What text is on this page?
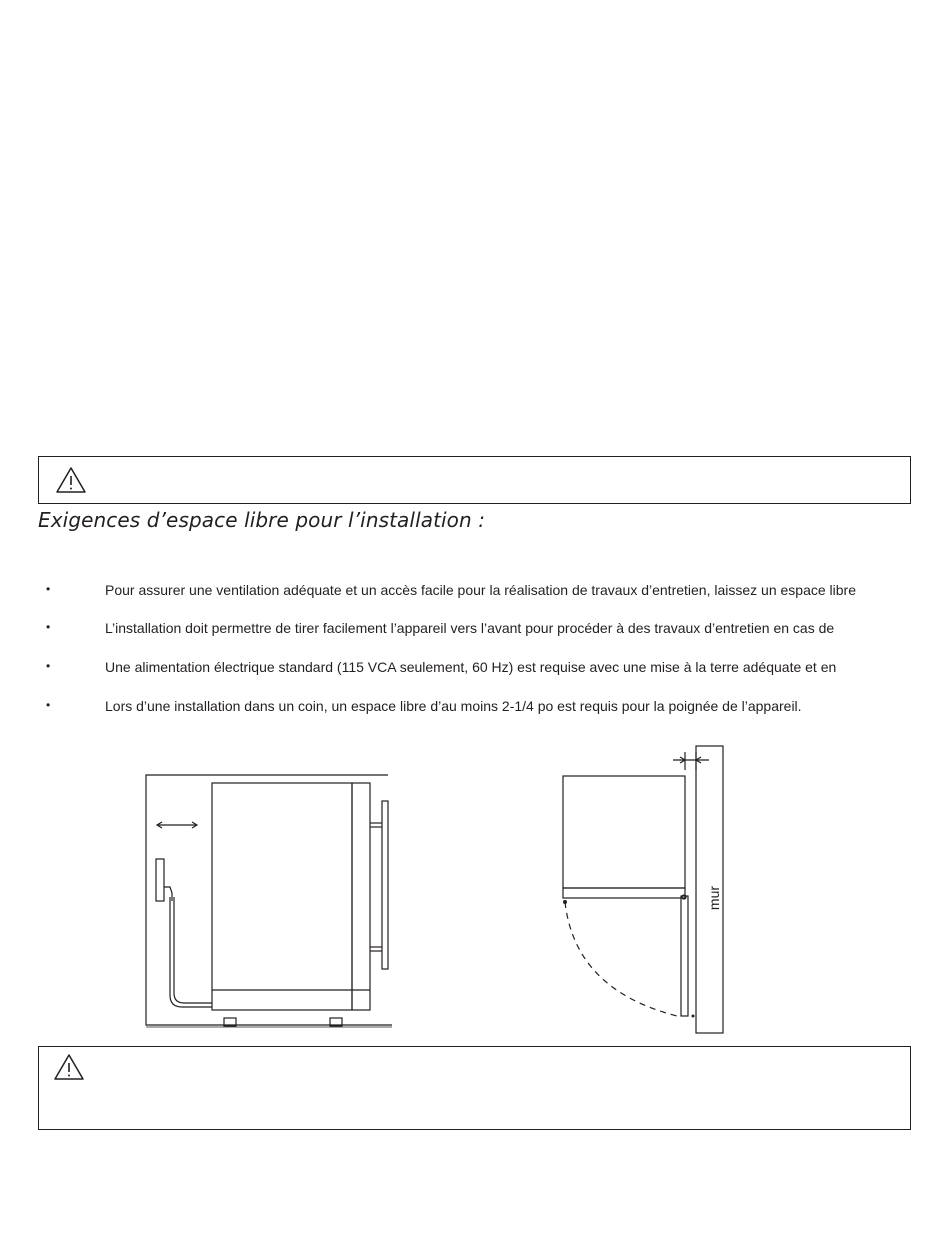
Exigences d’espace libre pour l’installation :
•	Pour assurer une ventilation adéquate et un accès facile pour la réalisation de travaux d’entretien, laissez un espace libre
•	L’installation doit permettre de tirer facilement l’appareil vers l’avant pour procéder à des travaux d’entretien en cas de
•	Une alimentation électrique standard (115 VCA seulement, 60 Hz) est requise avec une mise à la terre adéquate et en
•	Lors d’une installation dans un coin, un espace libre d’au moins 2-1/4 po est requis pour la poignée de l’appareil.
mur
